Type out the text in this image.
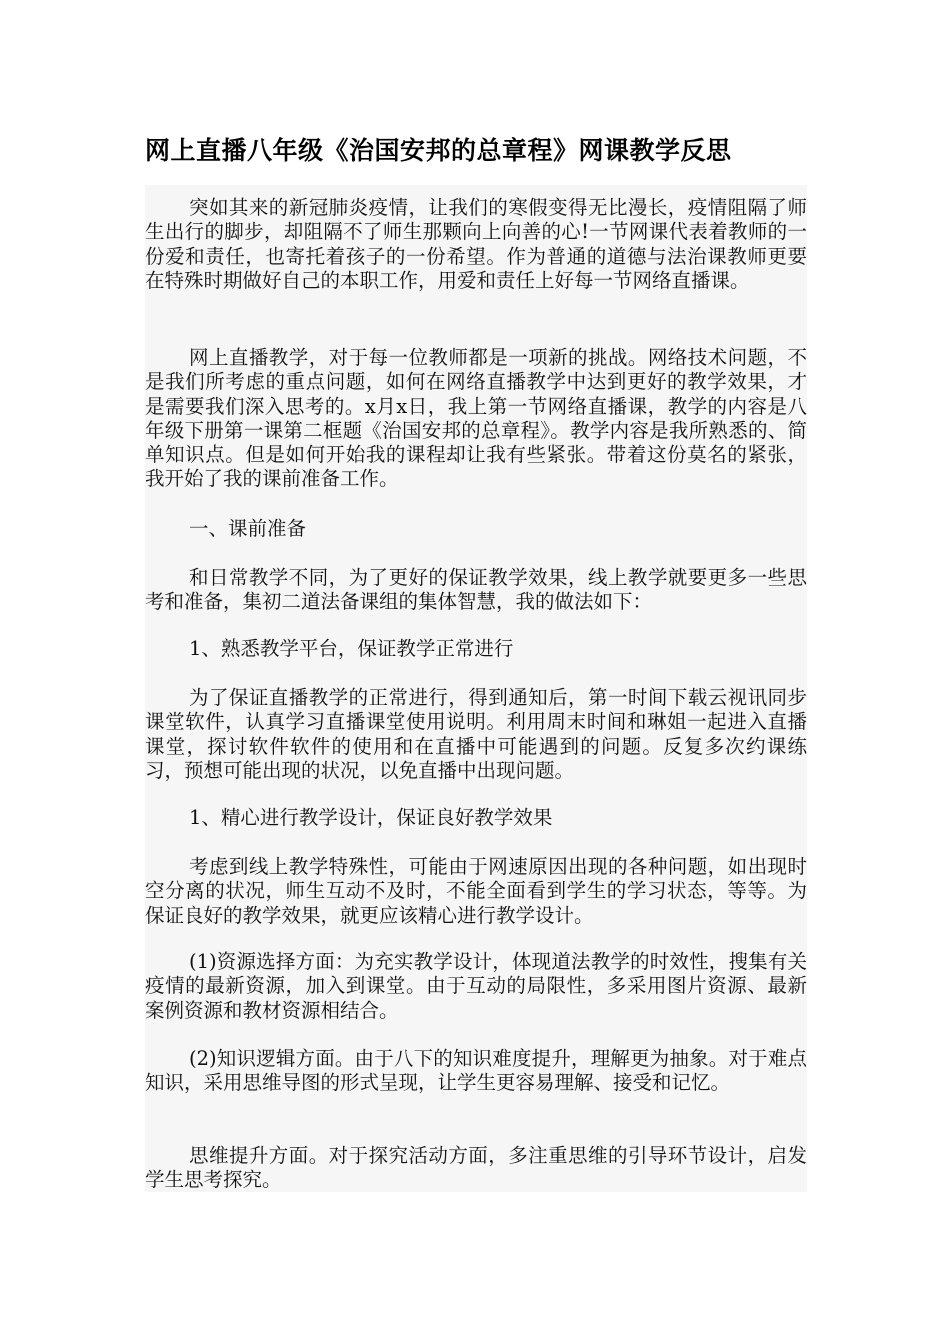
网上直播八年级《治国安邦的总章程》网课教学反思

突如其来的新冠肺炎疫情，让我们的寒假变得无比漫长，疫情阻隔了师生出行的脚步，却阻隔不了师生那颗向上向善的心!一节网课代表着教师的一份爱和责任，也寄托着孩子的一份希望。作为普通的道德与法治课教师更要在特殊时期做好自己的本职工作，用爱和责任上好每一节网络直播课。

网上直播教学，对于每一位教师都是一项新的挑战。网络技术问题，不是我们所考虑的重点问题，如何在网络直播教学中达到更好的教学效果，才是需要我们深入思考的。x月x日，我上第一节网络直播课，教学的内容是八年级下册第一课第二框题《治国安邦的总章程》。教学内容是我所熟悉的、简单知识点。但是如何开始我的课程却让我有些紧张。带着这份莫名的紧张，我开始了我的课前准备工作。

一、课前准备

和日常教学不同，为了更好的保证教学效果，线上教学就要更多一些思考和准备，集初二道法备课组的集体智慧，我的做法如下：

1、熟悉教学平台，保证教学正常进行

为了保证直播教学的正常进行，得到通知后，第一时间下载云视讯同步课堂软件，认真学习直播课堂使用说明。利用周末时间和琳姐一起进入直播课堂，探讨软件软件的使用和在直播中可能遇到的问题。反复多次约课练习，预想可能出现的状况，以免直播中出现问题。

1、精心进行教学设计，保证良好教学效果

考虑到线上教学特殊性，可能由于网速原因出现的各种问题，如出现时空分离的状况，师生互动不及时，不能全面看到学生的学习状态，等等。为保证良好的教学效果，就更应该精心进行教学设计。

(1)资源选择方面：为充实教学设计，体现道法教学的时效性，搜集有关疫情的最新资源，加入到课堂。由于互动的局限性，多采用图片资源、最新案例资源和教材资源相结合。

(2)知识逻辑方面。由于八下的知识难度提升，理解更为抽象。对于难点知识，采用思维导图的形式呈现，让学生更容易理解、接受和记忆。

思维提升方面。对于探究活动方面，多注重思维的引导环节设计，启发学生思考探究。
